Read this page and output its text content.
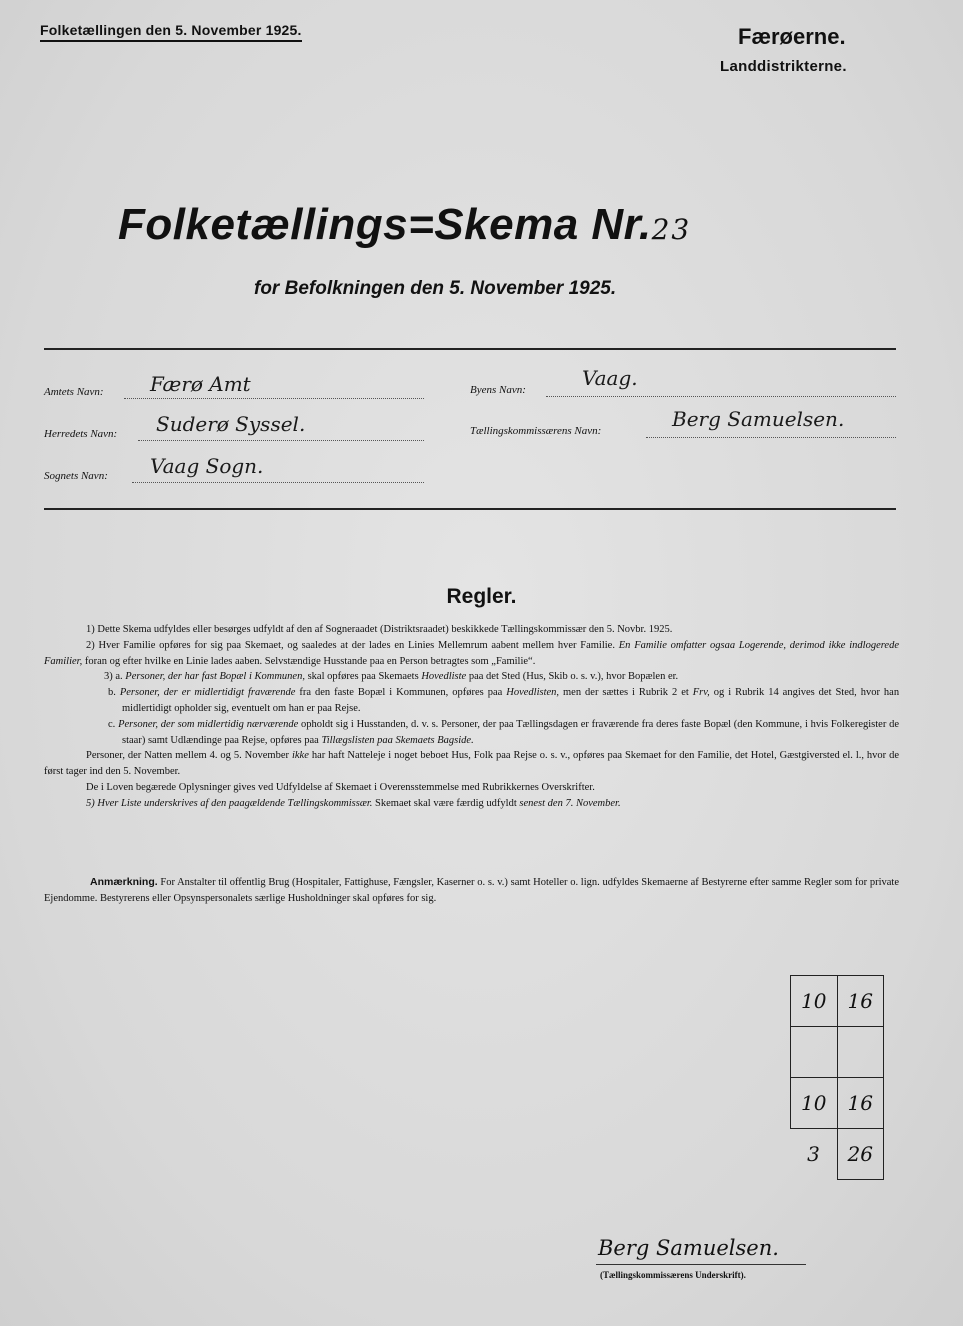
Folketællingen den 5. November 1925.	Færøerne.
Landdistrikterne.
Folketællings=Skema Nr.23
for Befolkningen den 5. November 1925.
Amtets Navn: Færø Amt
Herredets Navn: Suderø Syssel.
Sognets Navn: Vaag Sogn.
Byens Navn:	Vaag.
Tællingskommissærens Navn:	Berg Samuelsen.
Regler.

1) Dette Skema udfyldes eller besørges udfyldt af den af Sogneraadet (Distriktsraadet) beskikkede Tællingskommissær den 5. Novbr. 1925.

2) Hver Familie opføres for sig paa Skemaet, og saaledes at der lades en Linies Mellemrum aabent mellem hver Familie. En Familie omfatter ogsaa Logerende, derimod ikke indlogerede Familier, foran og efter hvilke en Linie lades aaben. Selvstændige Husstande paa en Person betragtes som „Familie“.

3) a. Personer, der har fast Bopæl i Kommunen, skal opføres paa Skemaets Hovedliste paa det Sted (Hus, Skib o. s. v.), hvor Bopælen er.

b. Personer, der er midlertidigt fraværende fra den faste Bopæl i Kommunen, opføres paa Hovedlisten, men der sættes i Rubrik 2 et Frv, og i Rubrik 14 angives det Sted, hvor han midlertidigt opholder sig, eventuelt om han er paa Rejse.

c. Personer, der som midlertidig nærværende opholdt sig i Husstanden, d. v. s. Personer, der paa Tællingsdagen er fraværende fra deres faste Bopæl (den Kommune, i hvis Folkeregister de staar) samt Udlændinge paa Rejse, opføres paa Tillægslisten paa Skemaets Bagside.

Personer, der Natten mellem 4. og 5. November ikke har haft Natteleje i noget beboet Hus, Folk paa Rejse o. s. v., opføres paa Skemaet for den Familie, det Hotel, Gæstgiversted el. l., hvor de først tager ind den 5. November.

De i Loven begærede Oplysninger gives ved Udfyldelse af Skemaet i Overensstemmelse med Rubrikkernes Overskrifter.

5) Hver Liste underskrives af den paagældende Tællingskommissær. Skemaet skal være færdig udfyldt senest den 7. November.

Anmærkning. For Anstalter til offentlig Brug (Hospitaler, Fattighuse, Fængsler, Kaserner o. s. v.) samt Hoteller o. lign. udfyldes Skemaerne af Bestyrerne efter samme Regler som for private Ejendomme. Bestyrerens eller Opsynspersonalets særlige Husholdninger skal opføres for sig.
10	16

10	16
3	26
Berg Samuelsen.
(Tællingskommissærens Underskrift).
